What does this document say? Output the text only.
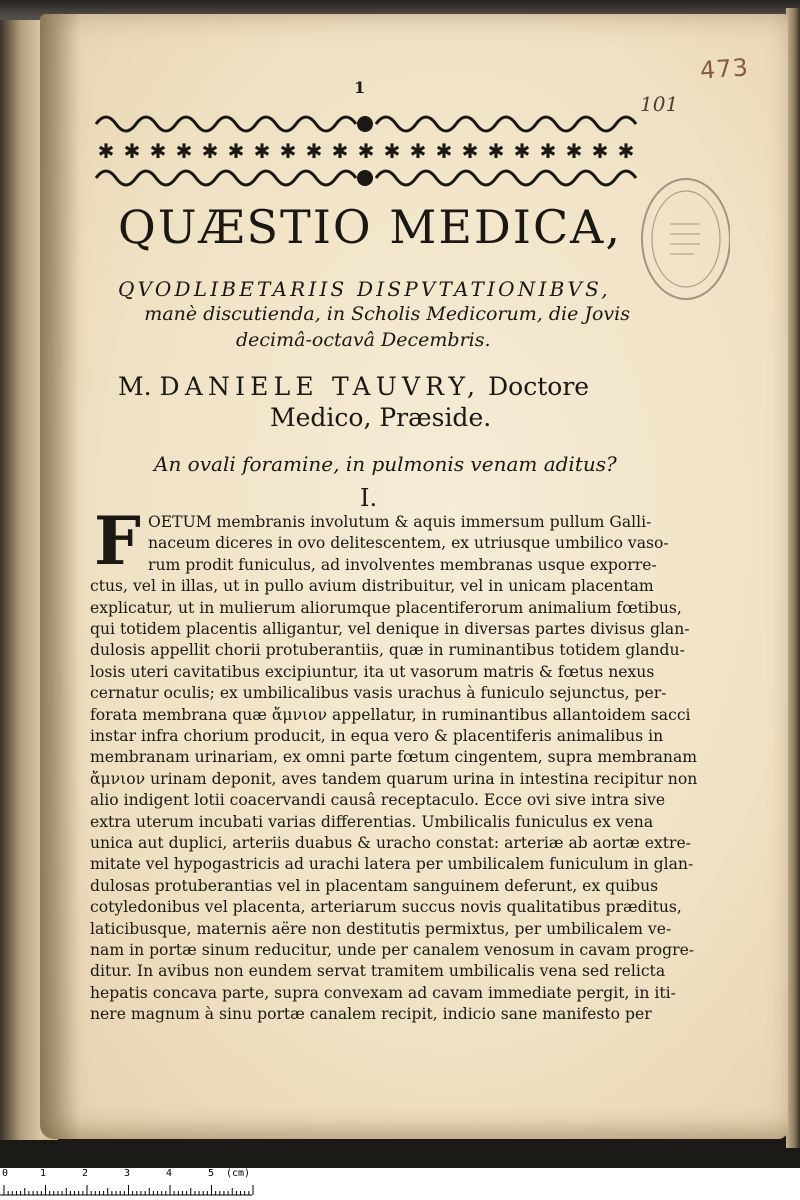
1
473
101
✱ ✱ ✱ ✱ ✱ ✱ ✱ ✱ ✱ ✱ ✱ ✱ ✱ ✱ ✱ ✱ ✱ ✱ ✱ ✱ ✱
QUÆSTIO MEDICA,
QVODLIBETARIIS DISPVTATIONIBVS,
manè discutienda, in Scholis Medicorum, die Jovis
decimâ-octavâ Decembris.
M. DANIELE TAUVRY, Doctore
Medico, Præside.
An ovali foramine, in pulmonis venam aditus?
I.
F OETUM membranis involutum & aquis immersum pullum Galli-
naceum diceres in ovo delitescentem, ex utriusque umbilico vaso-
rum prodit funiculus, ad involventes membranas usque exporre-
ctus, vel in illas, ut in pullo avium distribuitur, vel in unicam placentam
explicatur, ut in mulierum aliorumque placentiferorum animalium fœtibus,
qui totidem placentis alligantur, vel denique in diversas partes divisus glan-
dulosis appellit chorii protuberantiis, quæ in ruminantibus totidem glandu-
losis uteri cavitatibus excipiuntur, ita ut vasorum matris & fœtus nexus
cernatur oculis; ex umbilicalibus vasis urachus à funiculo sejunctus, per-
forata membrana quæ ἄμνιον appellatur, in ruminantibus allantoidem sacci
instar infra chorium producit, in equa vero & placentiferis animalibus in
membranam urinariam, ex omni parte fœtum cingentem, supra membranam
ἄμνιον urinam deponit, aves tandem quarum urina in intestina recipitur non
alio indigent lotii coacervandi causâ receptaculo. Ecce ovi sive intra sive
extra uterum incubati varias differentias. Umbilicalis funiculus ex vena
unica aut duplici, arteriis duabus & uracho constat: arteriæ ab aortæ extre-
mitate vel hypogastricis ad urachi latera per umbilicalem funiculum in glan-
dulosas protuberantias vel in placentam sanguinem deferunt, ex quibus
cotyledonibus vel placenta, arteriarum succus novis qualitatibus præditus,
laticibusque, maternis aëre non destitutis permixtus, per umbilicalem ve-
nam in portæ sinum reducitur, unde per canalem venosum in cavam progre-
ditur. In avibus non eundem servat tramitem umbilicalis vena sed relicta
hepatis concava parte, supra convexam ad cavam immediate pergit, in iti-
nere magnum à sinu portæ canalem recipit, indicio sane manifesto per
0	1	2	3	4	5 (cm)
